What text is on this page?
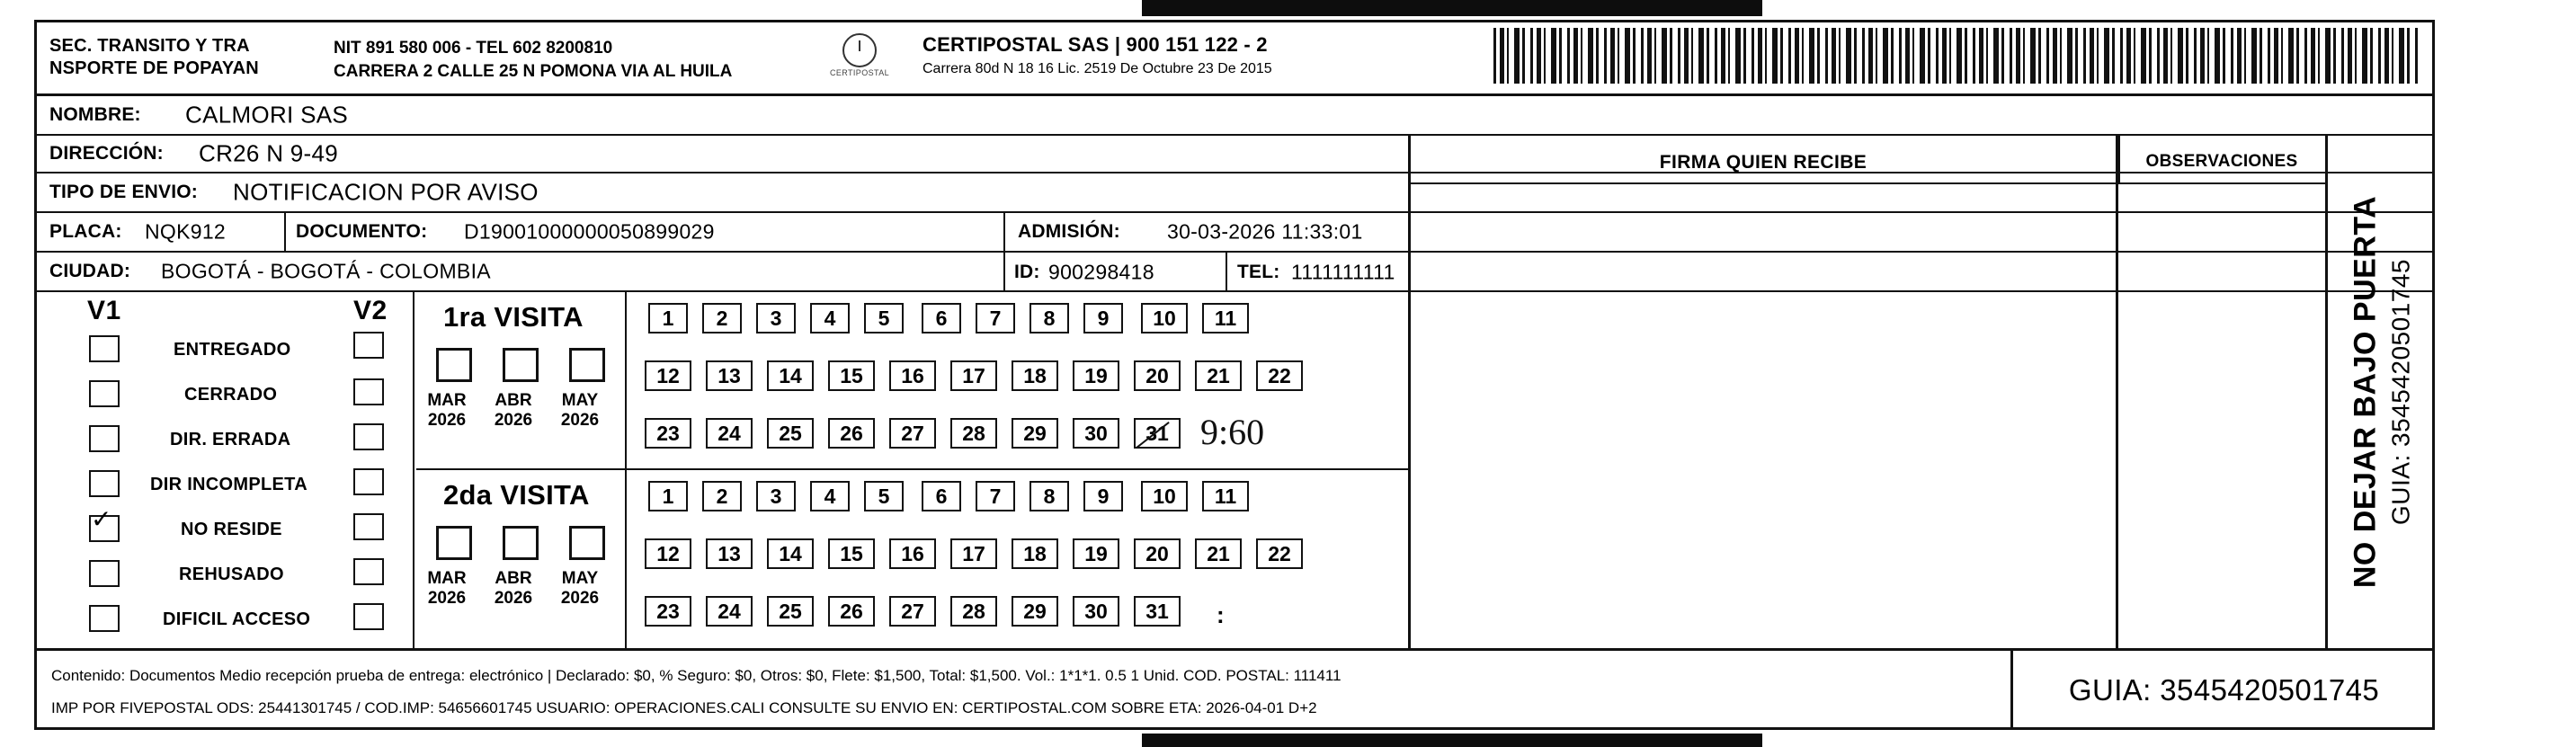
SEC. TRANSITO Y TRA
NSPORTE DE POPAYAN
NIT 891 580 006 - TEL 602 8200810
CARRERA 2 CALLE 25 N POMONA VIA AL HUILA	CERTIPOSTAL
CERTIPOSTAL SAS | 900 151 122 - 2
Carrera 80d N 18 16 Lic. 2519 De Octubre 23 De 2015
NOMBRE: CALMORI SAS
DIRECCIÓN: CR26 N 9-49
TIPO DE ENVIO: NOTIFICACION POR AVISO
PLACA: NQK912	DOCUMENTO: D19001000000050899029
CIUDAD: BOGOTÁ - BOGOTÁ - COLOMBIA
ADMISIÓN: 30-03-2026 11:33:01
ID: 900298418	TEL: 1111111111
FIRMA QUIEN RECIBE	OBSERVACIONES
NO DEJAR BAJO PUERTA GUIA: 3545420501745
V1	V2
ENTREGADO
CERRADO
DIR. ERRADA
DIR INCOMPLETA
✓	NO RESIDE
REHUSADO
DIFICIL ACCESO
1ra VISITA
MAR
2026
ABR
2026
MAY
2026
1	2	3	4	5	6	7	8	9	10	11
12	13	14	15	16	17	18	19	20	21	22
23	24	25	26	27	28	29	30	31 9:60
2da VISITA
MAR
2026
ABR
2026
MAY
2026
1	2	3	4	5	6	7	8	9	10	11
12	13	14	15	16	17	18	19	20	21	22
23	24	25	26	27	28	29	30	31	:
Contenido: Documentos Medio recepción prueba de entrega: electrónico | Declarado: $0, % Seguro: $0, Otros: $0, Flete: $1,500, Total: $1,500. Vol.: 1*1*1. 0.5 1 Unid. COD. POSTAL: 111411
IMP POR FIVEPOSTAL ODS: 25441301745 / COD.IMP: 54656601745 USUARIO: OPERACIONES.CALI CONSULTE SU ENVIO EN: CERTIPOSTAL.COM SOBRE ETA: 2026-04-01 D+2
GUIA: 3545420501745
